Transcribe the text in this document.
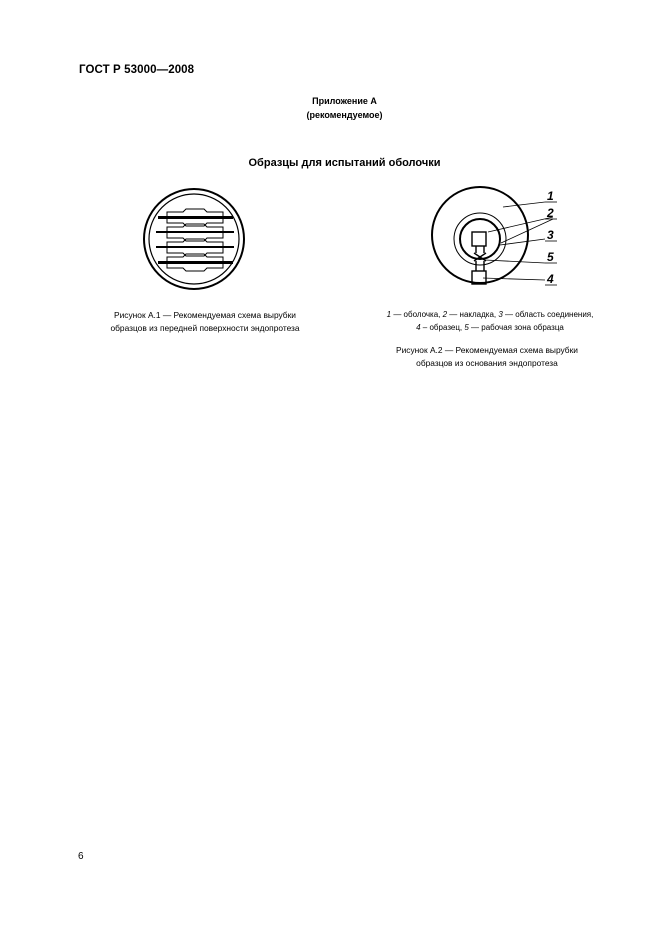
ГОСТ Р 53000—2008
Приложение А
(рекомендуемое)
Образцы для испытаний оболочки
Рисунок А.1 — Рекомендуемая схема вырубки
образцов из передней поверхности эндопротеза
1
2
3
5
4
1 — оболочка, 2 — накладка, 3 — область соединения,
4 – образец, 5 — рабочая зона образца
Рисунок А.2 — Рекомендуемая схема вырубки
образцов из основания эндопротеза
6
